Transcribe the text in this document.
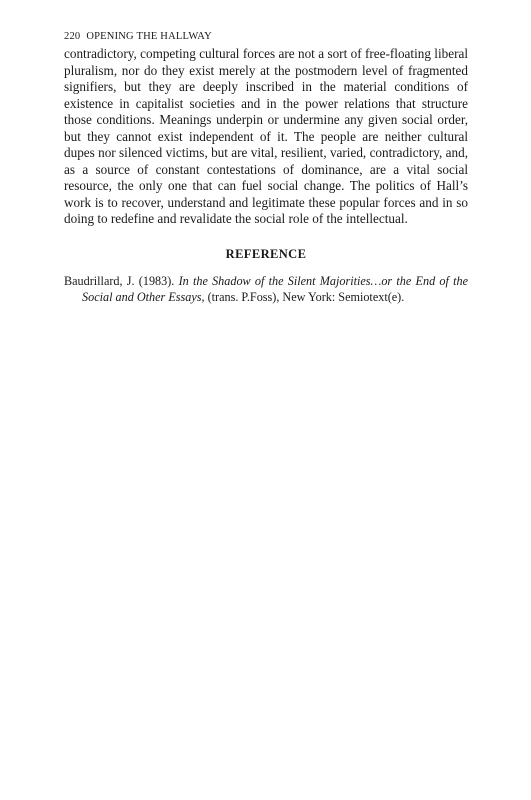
220 OPENING THE HALLWAY

contradictory, competing cultural forces are not a sort of free-floating liberal pluralism, nor do they exist merely at the postmodern level of fragmented signifiers, but they are deeply inscribed in the material conditions of existence in capitalist societies and in the power relations that structure those conditions. Meanings underpin or undermine any given social order, but they cannot exist independent of it. The people are neither cultural dupes nor silenced victims, but are vital, resilient, varied, contradictory, and, as a source of constant contestations of dominance, are a vital social resource, the only one that can fuel social change. The politics of Hall’s work is to recover, understand and legitimate these popular forces and in so doing to redefine and revalidate the social role of the intellectual.

REFERENCE

Baudrillard, J. (1983). In the Shadow of the Silent Majorities…or the End of the Social and Other Essays, (trans. P.Foss), New York: Semiotext(e).
